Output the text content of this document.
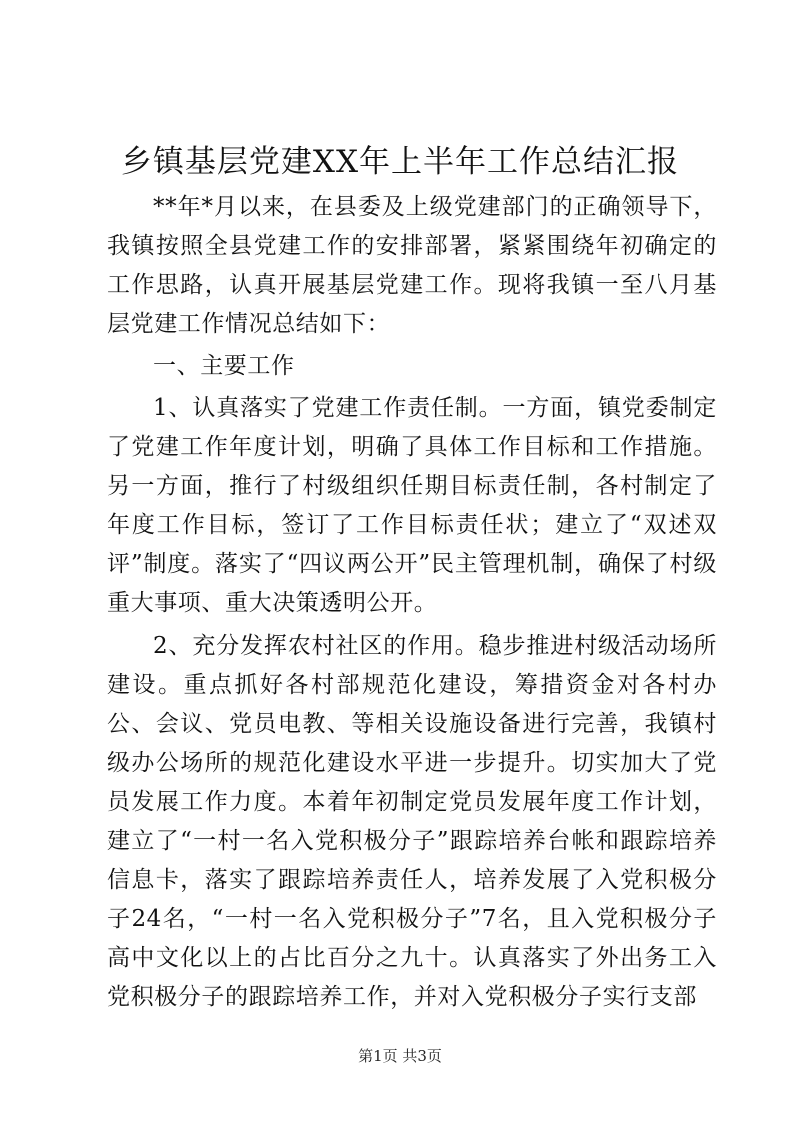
乡镇基层党建XX年上半年工作总结汇报

**年*月以来，在县委及上级党建部门的正确领导下，我镇按照全县党建工作的安排部署，紧紧围绕年初确定的工作思路，认真开展基层党建工作。现将我镇一至八月基层党建工作情况总结如下：

一、主要工作

1、认真落实了党建工作责任制。一方面，镇党委制定了党建工作年度计划，明确了具体工作目标和工作措施。另一方面，推行了村级组织任期目标责任制，各村制定了年度工作目标，签订了工作目标责任状；建立了“双述双评”制度。落实了“四议两公开”民主管理机制，确保了村级重大事项、重大决策透明公开。

2、充分发挥农村社区的作用。稳步推进村级活动场所建设。重点抓好各村部规范化建设，筹措资金对各村办公、会议、党员电教、等相关设施设备进行完善，我镇村级办公场所的规范化建设水平进一步提升。切实加大了党员发展工作力度。本着年初制定党员发展年度工作计划，建立了“一村一名入党积极分子”跟踪培养台帐和跟踪培养信息卡，落实了跟踪培养责任人，培养发展了入党积极分子24名，“一村一名入党积极分子”7名，且入党积极分子高中文化以上的占比百分之九十。认真落实了外出务工入党积极分子的跟踪培养工作，并对入党积极分子实行支部

第1页 共3页
